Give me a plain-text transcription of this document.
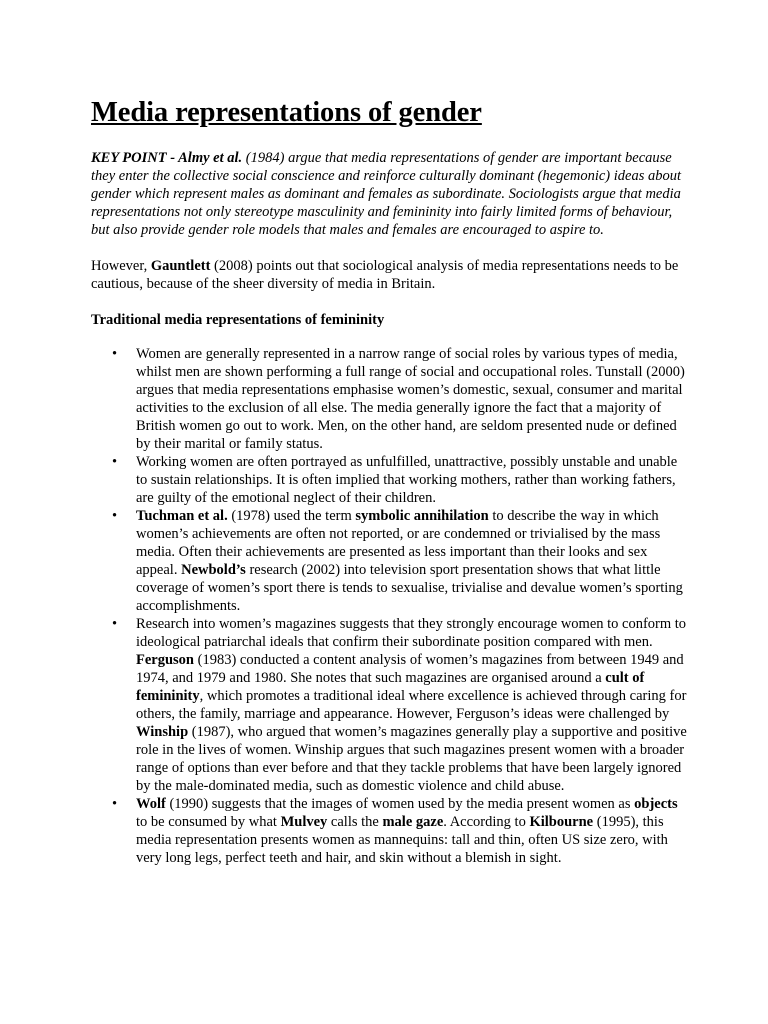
Media representations of gender

KEY POINT - Almy et al. (1984) argue that media representations of gender are important because they enter the collective social conscience and reinforce culturally dominant (hegemonic) ideas about gender which represent males as dominant and females as subordinate. Sociologists argue that media representations not only stereotype masculinity and femininity into fairly limited forms of behaviour, but also provide gender role models that males and females are encouraged to aspire to.

However, Gauntlett (2008) points out that sociological analysis of media representations needs to be cautious, because of the sheer diversity of media in Britain.

Traditional media representations of femininity

• Women are generally represented in a narrow range of social roles by various types of media, whilst men are shown performing a full range of social and occupational roles. Tunstall (2000) argues that media representations emphasise women’s domestic, sexual, consumer and marital activities to the exclusion of all else. The media generally ignore the fact that a majority of British women go out to work. Men, on the other hand, are seldom presented nude or defined by their marital or family status.
• Working women are often portrayed as unfulfilled, unattractive, possibly unstable and unable to sustain relationships. It is often implied that working mothers, rather than working fathers, are guilty of the emotional neglect of their children.
• Tuchman et al. (1978) used the term symbolic annihilation to describe the way in which women’s achievements are often not reported, or are condemned or trivialised by the mass media. Often their achievements are presented as less important than their looks and sex appeal. Newbold’s research (2002) into television sport presentation shows that what little coverage of women’s sport there is tends to sexualise, trivialise and devalue women’s sporting accomplishments.
• Research into women’s magazines suggests that they strongly encourage women to conform to ideological patriarchal ideals that confirm their subordinate position compared with men. Ferguson (1983) conducted a content analysis of women’s magazines from between 1949 and 1974, and 1979 and 1980. She notes that such magazines are organised around a cult of femininity, which promotes a traditional ideal where excellence is achieved through caring for others, the family, marriage and appearance. However, Ferguson’s ideas were challenged by Winship (1987), who argued that women’s magazines generally play a supportive and positive role in the lives of women. Winship argues that such magazines present women with a broader range of options than ever before and that they tackle problems that have been largely ignored by the male-dominated media, such as domestic violence and child abuse.
• Wolf (1990) suggests that the images of women used by the media present women as objects to be consumed by what Mulvey calls the male gaze. According to Kilbourne (1995), this media representation presents women as mannequins: tall and thin, often US size zero, with very long legs, perfect teeth and hair, and skin without a blemish in sight.
